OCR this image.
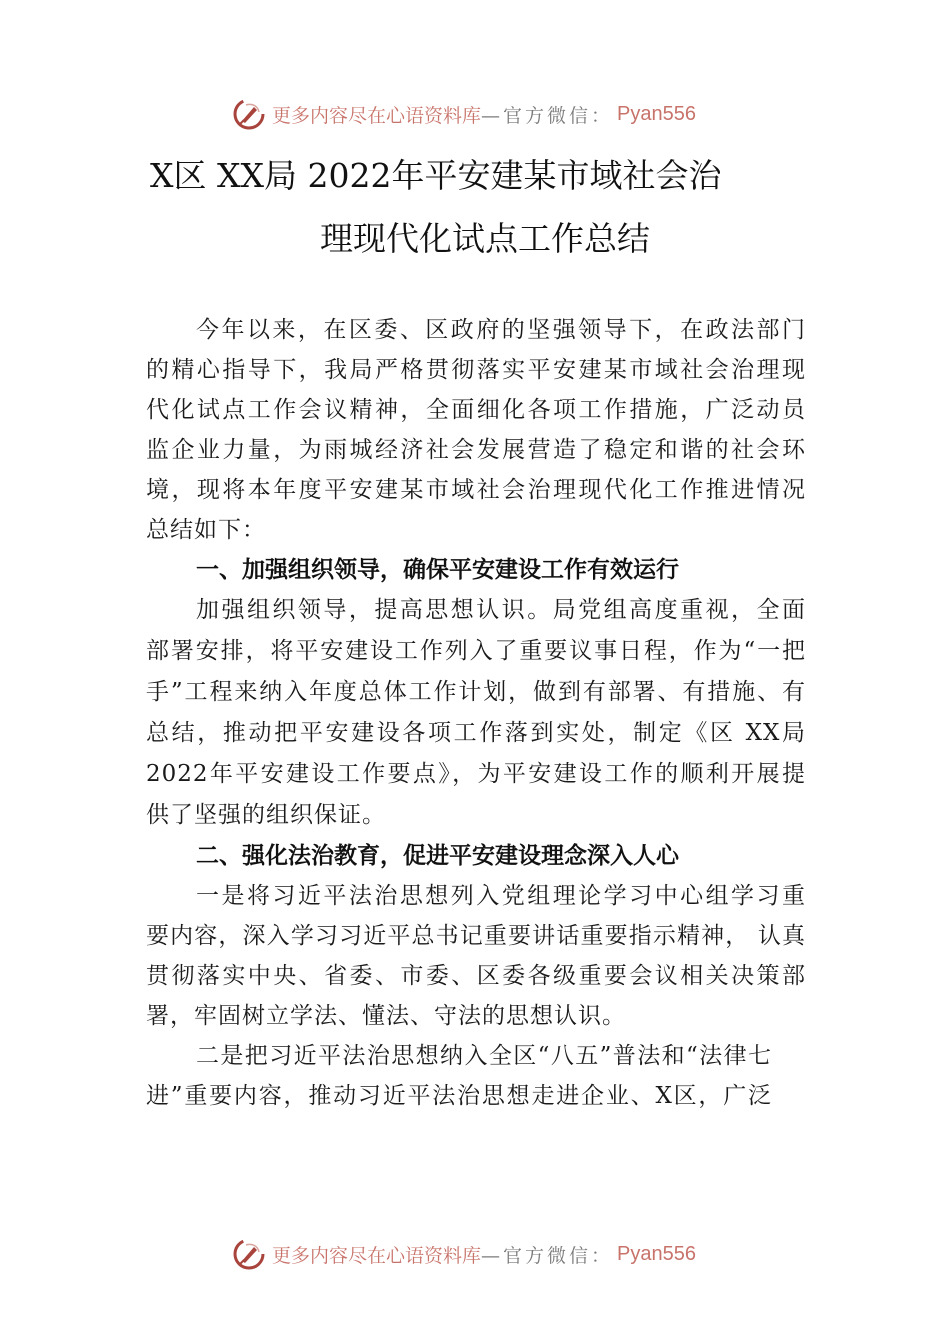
更多内容尽在心语资料库 —官方微信： Pyan556
X区 XX局 2022年平安建某市域社会治
理现代化试点工作总结
今年以来，在区委、区政府的坚强领导下，在政法部门
的精心指导下，我局严格贯彻落实平安建某市域社会治理现
代化试点工作会议精神，全面细化各项工作措施，广泛动员
监企业力量，为雨城经济社会发展营造了稳定和谐的社会环
境，现将本年度平安建某市域社会治理现代化工作推进情况
总结如下：
一、加强组织领导，确保平安建设工作有效运行
加强组织领导，提高思想认识。局党组高度重视，全面
部署安排，将平安建设工作列入了重要议事日程，作为“一把
手”工程来纳入年度总体工作计划，做到有部署、有措施、有
总结，推动把平安建设各项工作落到实处，制定《区 XX局
2022年平安建设工作要点》，为平安建设工作的顺利开展提
供了坚强的组织保证。
二、强化法治教育，促进平安建设理念深入人心
一是将习近平法治思想列入党组理论学习中心组学习重
要内容，深入学习习近平总书记重要讲话重要指示精神， 认真
贯彻落实中央、省委、市委、区委各级重要会议相关决策部
署，牢固树立学法、懂法、守法的思想认识。
二是把习近平法治思想纳入全区“八五”普法和“法律七
进”重要内容，推动习近平法治思想走进企业、X区，广泛
更多内容尽在心语资料库 —官方微信： Pyan556
